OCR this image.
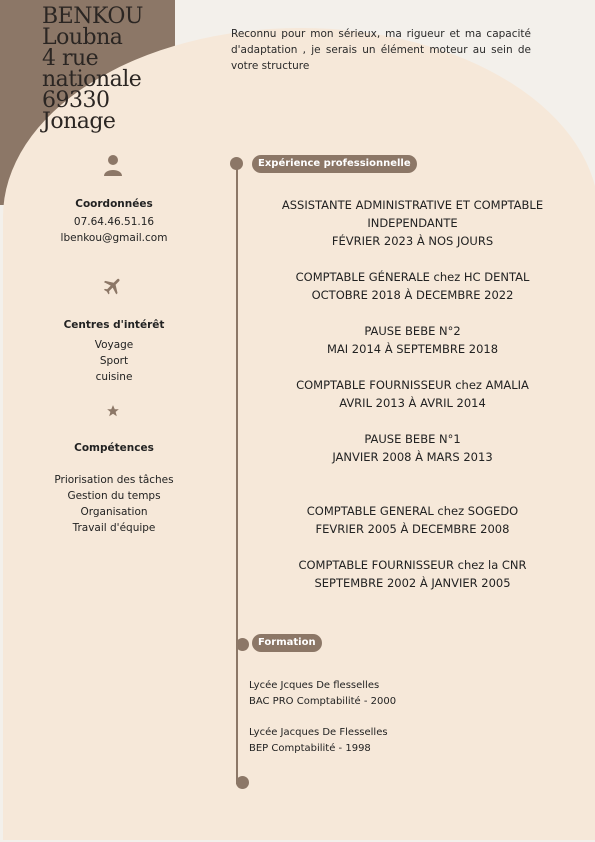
BENKOU
Loubna
4 rue
nationale
69330
Jonage
Reconnu pour mon sérieux, ma rigueur et ma capacité d'adaptation , je serais un élément moteur au sein de votre structure
Coordonnées
07.64.46.51.16
lbenkou@gmail.com
Centres d'intérêt
Voyage
Sport
cuisine
Compétences
Priorisation des tâches
Gestion du temps
Organisation
Travail d'équipe
Expérience professionnelle
Formation
ASSISTANTE ADMINISTRATIVE ET COMPTABLE INDEPENDANTE
FÉVRIER 2023 À NOS JOURS
COMPTABLE GÉNERALE chez HC DENTAL
OCTOBRE 2018 À DECEMBRE 2022
PAUSE BEBE N°2
MAI 2014 À SEPTEMBRE 2018
COMPTABLE FOURNISSEUR chez AMALIA
AVRIL 2013 À AVRIL 2014
PAUSE BEBE N°1
JANVIER 2008 À MARS 2013
COMPTABLE GENERAL chez SOGEDO
FEVRIER 2005 À DECEMBRE 2008
COMPTABLE FOURNISSEUR chez la CNR
SEPTEMBRE 2002 À JANVIER 2005
Lycée Jcques De flesselles
BAC PRO Comptabilité - 2000
Lycée Jacques De Flesselles
BEP Comptabilité - 1998
